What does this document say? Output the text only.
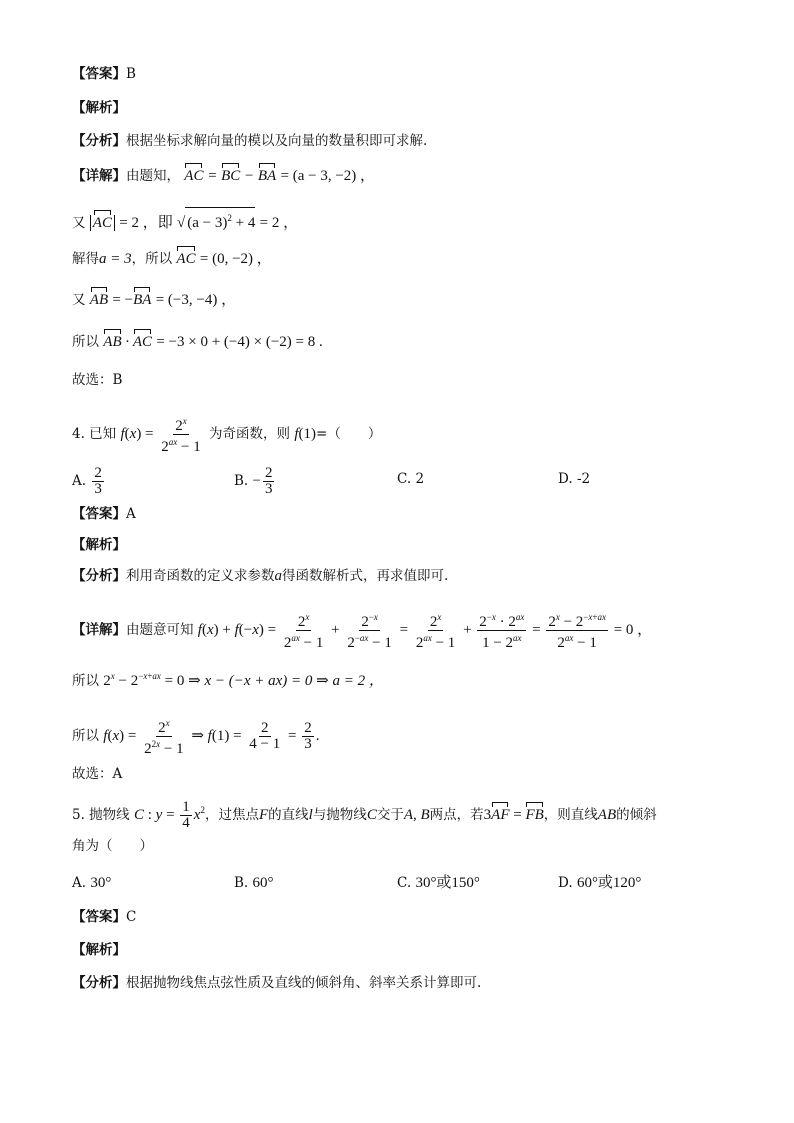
【答案】B
【解析】
【分析】根据坐标求解向量的模以及向量的数量积即可求解.
【详解】由题知， AC = BC − BA = (a − 3, −2) ，
又 AC = 2 ，即 √ $(a - 3)^2 + 4 = 2$ ，
解得a = 3，所以 AC = (0, −2) ，
又 AB = −BA = (−3, −4) ，
所以 AB · AC = −3 × 0 + (−4) × (−2) = 8 .
故选：B
4. 已知 $f(x) = \frac{2^x}{2^{ax} - 1}$ 为奇函数，则 f(1)=（　　）
A. $\frac{2}{3}$	B. − $\frac{2}{3}$	C. 2	D. -2
【答案】A
【解析】
【分析】利用奇函数的定义求参数a得函数解析式，再求值即可.
【详解】由题意可知 $f(x) + f(-x) = \frac{2^x}{2^{ax} - 1} + \frac{2^{-x}}{2^{-ax} - 1} = \frac{2^x}{2^{ax} - 1} + \frac{2^{-x} \cdot 2^{ax}}{1 - 2^{ax}} = \frac{2^x - 2^{-x+ax}}{2^{ax} - 1} = 0$ ，
所以 $2^x - 2^{-x+ax} = 0$ ⇒ x − (−x + ax) = 0 ⇒ a = 2 ，
所以 $f(x) = \frac{2^x}{2^{2x} - 1}$ ⇒ $f(1) = \frac{2}{4 - 1} = \frac{2}{3}$ .
故选：A
5. 抛物线 C : $y = \frac{1}{4} x^2$，过焦点F的直线l与抛物线C交于A, B两点，若3AF = FB，则直线AB的倾斜
角为（　　）
A. 30°	B. 60°	C. 30°或150°	D. 60°或120°
【答案】C
【解析】
【分析】根据抛物线焦点弦性质及直线的倾斜角、斜率关系计算即可.
